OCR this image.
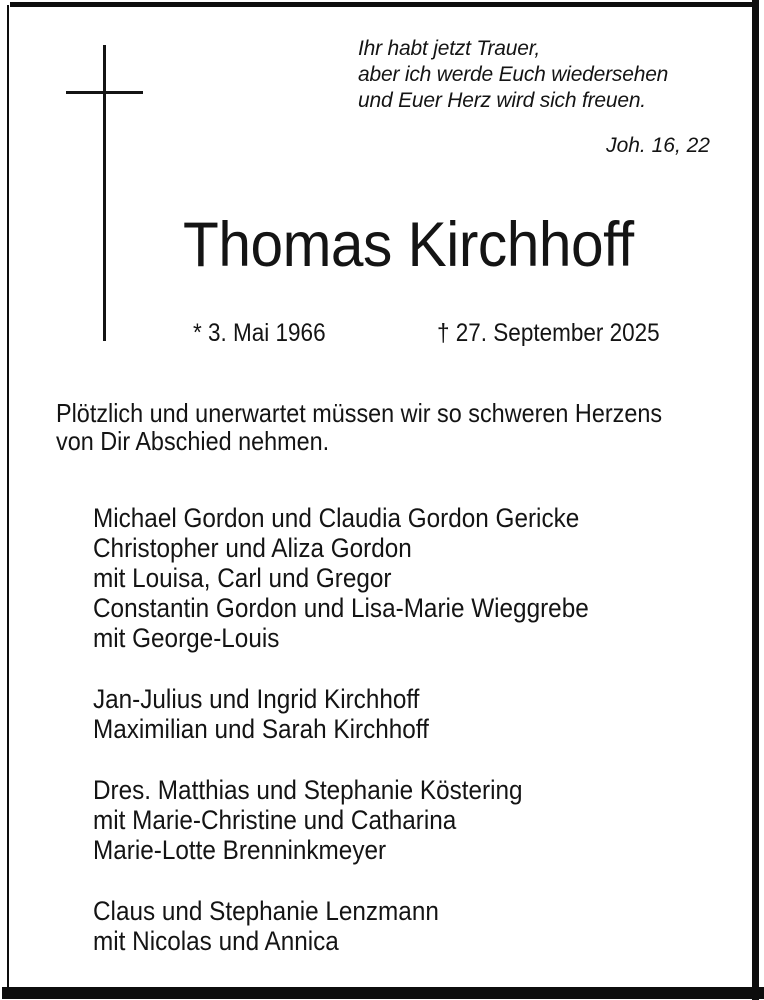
Ihr habt jetzt Trauer,
aber ich werde Euch wiedersehen
und Euer Herz wird sich freuen.
Joh. 16, 22
Thomas Kirchhoff
* 3. Mai 1966	† 27. September 2025
Plötzlich und unerwartet müssen wir so schweren Herzens
von Dir Abschied nehmen.
Michael Gordon und Claudia Gordon Gericke
Christopher und Aliza Gordon
mit Louisa, Carl und Gregor
Constantin Gordon und Lisa-Marie Wieggrebe
mit George-Louis
Jan-Julius und Ingrid Kirchhoff
Maximilian und Sarah Kirchhoff
Dres. Matthias und Stephanie Köstering
mit Marie-Christine und Catharina
Marie-Lotte Brenninkmeyer
Claus und Stephanie Lenzmann
mit Nicolas und Annica
